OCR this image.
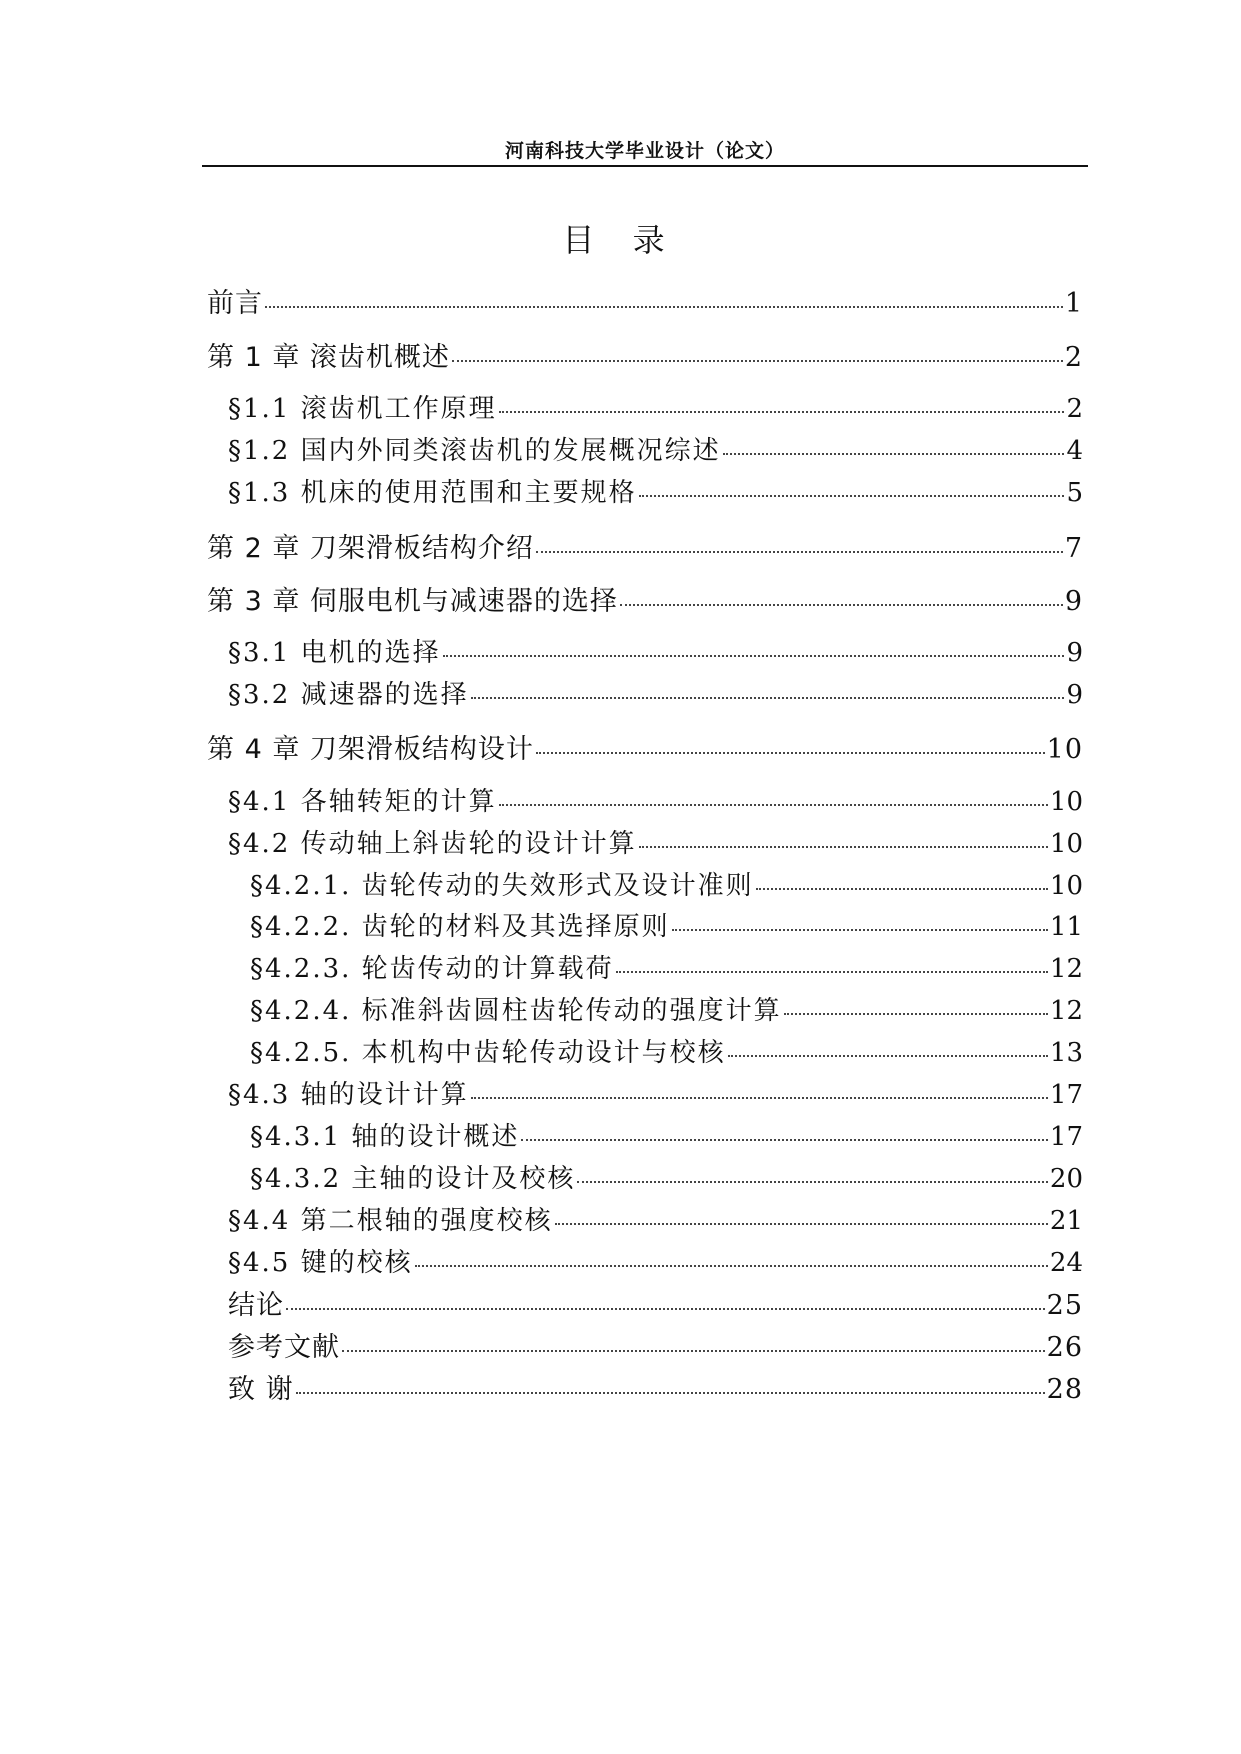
河南科技大学毕业设计（论文）
目 录
前言	1
第 1 章 滚齿机概述	2
§1.1 滚齿机工作原理	2
§1.2 国内外同类滚齿机的发展概况综述	4
§1.3 机床的使用范围和主要规格	5
第 2 章 刀架滑板结构介绍	7
第 3 章 伺服电机与减速器的选择	9
§3.1 电机的选择	9
§3.2 减速器的选择	9
第 4 章 刀架滑板结构设计	10
§4.1 各轴转矩的计算	10
§4.2 传动轴上斜齿轮的设计计算	10
§4.2.1. 齿轮传动的失效形式及设计准则	10
§4.2.2. 齿轮的材料及其选择原则	11
§4.2.3. 轮齿传动的计算载荷	12
§4.2.4. 标准斜齿圆柱齿轮传动的强度计算	12
§4.2.5. 本机构中齿轮传动设计与校核	13
§4.3 轴的设计计算	17
§4.3.1 轴的设计概述	17
§4.3.2 主轴的设计及校核	20
§4.4 第二根轴的强度校核	21
§4.5 键的校核	24
结论	25
参考文献	26
致 谢	28
